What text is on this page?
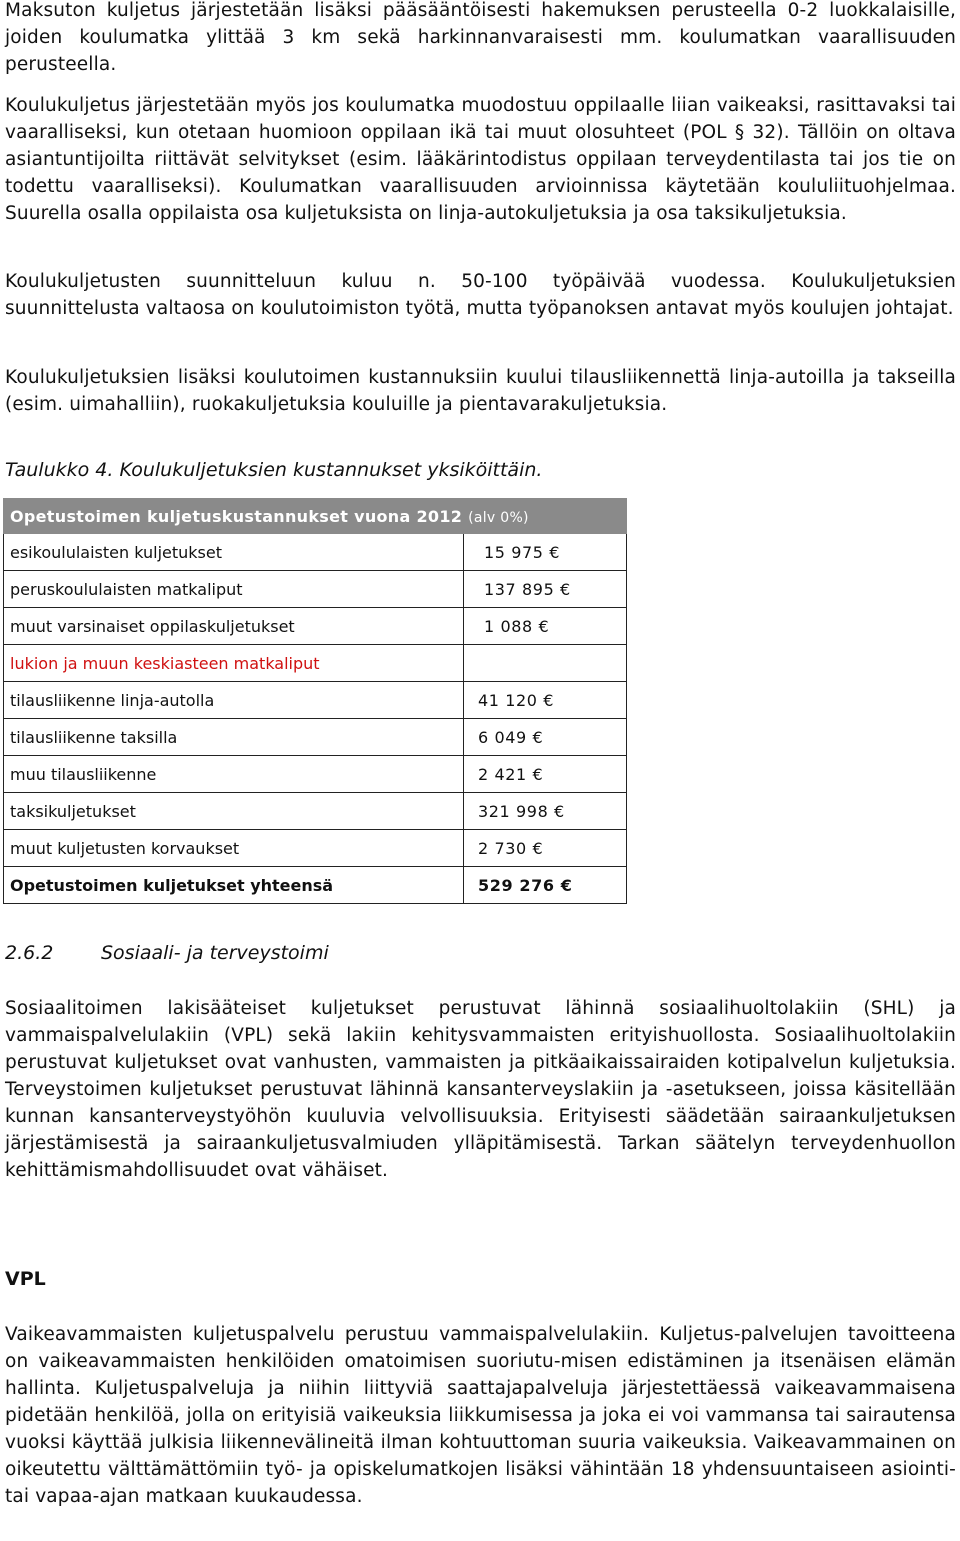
Maksuton kuljetus järjestetään lisäksi pääsääntöisesti hakemuksen perusteella 0-2 luokkalaisille, joiden koulumatka ylittää 3 km sekä harkinnanvaraisesti mm. koulumatkan vaarallisuuden perusteella.

Koulukuljetus järjestetään myös jos koulumatka muodostuu oppilaalle liian vaikeaksi, rasittavaksi tai vaaralliseksi, kun otetaan huomioon oppilaan ikä tai muut olosuhteet (POL § 32). Tällöin on oltava asiantuntijoilta riittävät selvitykset (esim. lääkärintodistus oppilaan terveydentilasta tai jos tie on todettu vaaralliseksi). Koulumatkan vaarallisuuden arvioinnissa käytetään koululiituohjelmaa. Suurella osalla oppilaista osa kuljetuksista on linja-autokuljetuksia ja osa taksikuljetuksia.

Koulukuljetusten suunnitteluun kuluu n. 50-100 työpäivää vuodessa. Koulukuljetuksien suunnittelusta valtaosa on koulutoimiston työtä, mutta työpanoksen antavat myös koulujen johtajat.

Koulukuljetuksien lisäksi koulutoimen kustannuksiin kuului tilausliikennettä linja-autoilla ja takseilla (esim. uimahalliin), ruokakuljetuksia kouluille ja pientavarakuljetuksia.

Taulukko 4. Koulukuljetuksien kustannukset yksiköittäin.

Opetustoimen kuljetuskustannukset vuona 2012 (alv 0%)	
esikoululaisten kuljetukset	15 975 €
peruskoululaisten matkaliput	137 895 €
muut varsinaiset oppilaskuljetukset	1 088 €
lukion ja muun keskiasteen matkaliput	
tilausliikenne linja-autolla	41 120 €
tilausliikenne taksilla	6 049 €
muu tilausliikenne	2 421 €
taksikuljetukset	321 998 €
muut kuljetusten korvaukset	2 730 €
Opetustoimen kuljetukset yhteensä	529 276 €

2.6.2	Sosiaali- ja terveystoimi

Sosiaalitoimen lakisääteiset kuljetukset perustuvat lähinnä sosiaalihuoltolakiin (SHL) ja vammaispalvelulakiin (VPL) sekä lakiin kehitysvammaisten erityishuollosta. Sosiaalihuoltolakiin perustuvat kuljetukset ovat vanhusten, vammaisten ja pitkäaikaissairaiden kotipalvelun kuljetuksia. Terveystoimen kuljetukset perustuvat lähinnä kansanterveyslakiin ja -asetukseen, joissa käsitellään kunnan kansanterveystyöhön kuuluvia velvollisuuksia. Erityisesti säädetään sairaankuljetuksen järjestämisestä ja sairaankuljetusvalmiuden ylläpitämisestä. Tarkan säätelyn terveydenhuollon kehittämismahdollisuudet ovat vähäiset.

VPL

Vaikeavammaisten kuljetuspalvelu perustuu vammaispalvelulakiin. Kuljetus-palvelujen tavoitteena on vaikeavammaisten henkilöiden omatoimisen suoriutu-misen edistäminen ja itsenäisen elämän hallinta. Kuljetuspalveluja ja niihin liittyviä saattajapalveluja järjestettäessä vaikeavammaisena pidetään henkilöä, jolla on erityisiä vaikeuksia liikkumisessa ja joka ei voi vammansa tai sairautensa vuoksi käyttää julkisia liikennevälineitä ilman kohtuuttoman suuria vaikeuksia. Vaikeavammainen on oikeutettu välttämättömiin työ- ja opiskelumatkojen lisäksi vähintään 18 yhdensuuntaiseen asiointi- tai vapaa-ajan matkaan kuukaudessa.
